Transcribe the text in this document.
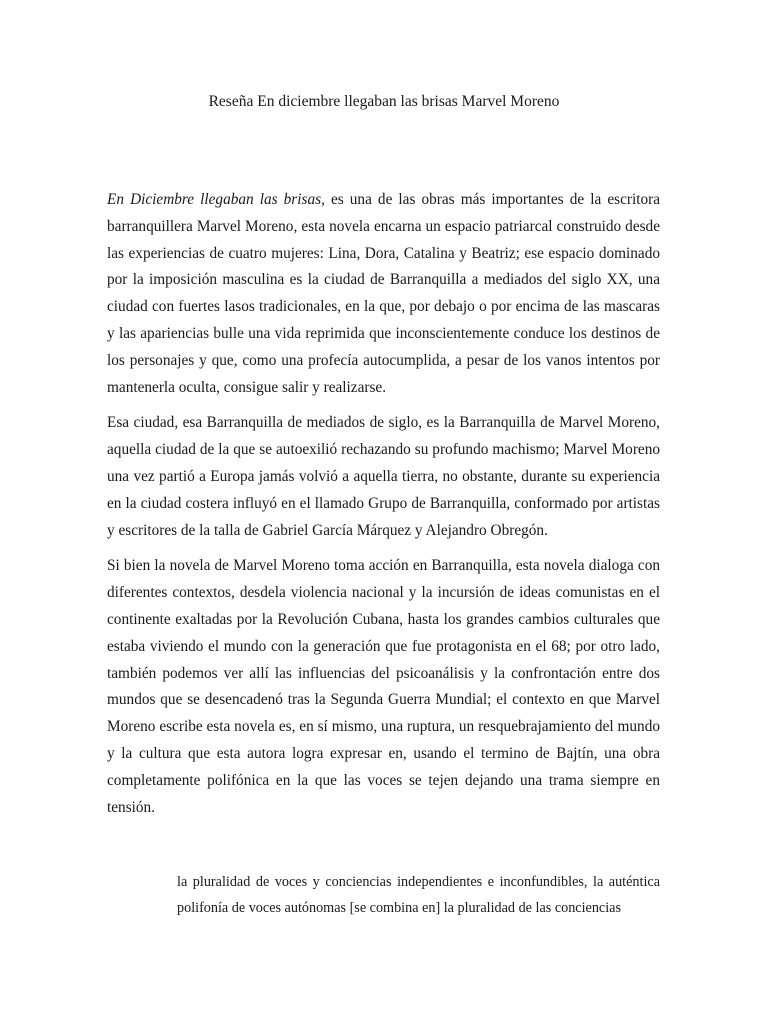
Reseña En diciembre llegaban las brisas Marvel Moreno

En Diciembre llegaban las brisas, es una de las obras más importantes de la escritora barranquillera Marvel Moreno, esta novela encarna un espacio patriarcal construido desde las experiencias de cuatro mujeres: Lina, Dora, Catalina y Beatriz; ese espacio dominado por la imposición masculina es la ciudad de Barranquilla a mediados del siglo XX, una ciudad con fuertes lasos tradicionales, en la que, por debajo o por encima de las mascaras y las apariencias bulle una vida reprimida que inconscientemente conduce los destinos de los personajes y que, como una profecía autocumplida, a pesar de los vanos intentos por mantenerla oculta, consigue salir y realizarse.

Esa ciudad, esa Barranquilla de mediados de siglo, es la Barranquilla de Marvel Moreno, aquella ciudad de la que se autoexilió rechazando su profundo machismo; Marvel Moreno una vez partió a Europa jamás volvió a aquella tierra, no obstante, durante su experiencia en la ciudad costera influyó en el llamado Grupo de Barranquilla, conformado por artistas y escritores de la talla de Gabriel García Márquez y Alejandro Obregón.

Si bien la novela de Marvel Moreno toma acción en Barranquilla, esta novela dialoga con diferentes contextos, desdela violencia nacional y la incursión de ideas comunistas en el continente exaltadas por la Revolución Cubana, hasta los grandes cambios culturales que estaba viviendo el mundo con la generación que fue protagonista en el 68; por otro lado, también podemos ver allí las influencias del psicoanálisis y la confrontación entre dos mundos que se desencadenó tras la Segunda Guerra Mundial; el contexto en que Marvel Moreno escribe esta novela es, en sí mismo, una ruptura, un resquebrajamiento del mundo y la cultura que esta autora logra expresar en, usando el termino de Bajtín, una obra completamente polifónica en la que las voces se tejen dejando una trama siempre en tensión.

la pluralidad de voces y conciencias independientes e inconfundibles, la auténtica polifonía de voces autónomas [se combina en] la pluralidad de las conciencias
